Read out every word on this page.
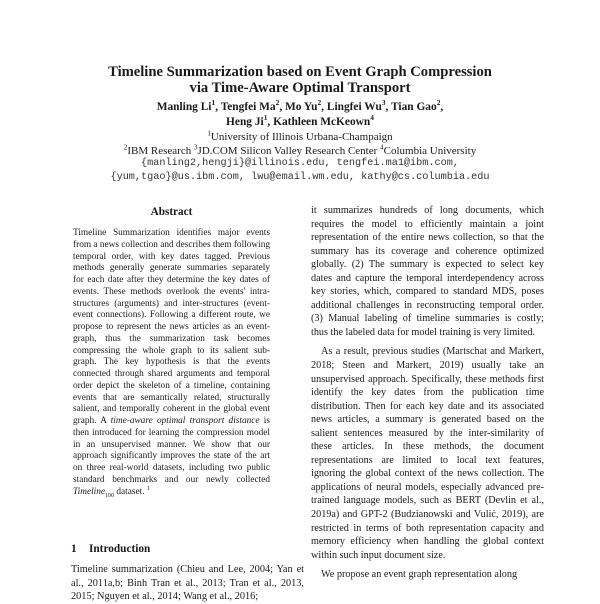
Timeline Summarization based on Event Graph Compression
via Time-Aware Optimal Transport
Manling Li$^1$, Tengfei Ma$^2$, Mo Yu$^2$, Lingfei Wu$^3$, Tian Gao$^2$,
Heng Ji$^1$, Kathleen McKeown$^4$
$^1$University of Illinois Urbana-Champaign
$^2$IBM Research $^3$JD.COM Silicon Valley Research Center $^4$Columbia University
{manling2,hengji}@illinois.edu, tengfei.ma1@ibm.com,
{yum,tgao}@us.ibm.com, lwu@email.wm.edu, kathy@cs.columbia.edu
Abstract
Timeline Summarization identifies major events from a news collection and describes them following temporal order, with key dates tagged. Previous methods generally generate summaries separately for each date after they determine the key dates of events. These methods overlook the events' intra-structures (arguments) and inter-structures (event-event connections). Following a different route, we propose to represent the news articles as an event-graph, thus the summarization task becomes compressing the whole graph to its salient sub-graph. The key hypothesis is that the events connected through shared arguments and temporal order depict the skeleton of a timeline, containing events that are semantically related, structurally salient, and temporally coherent in the global event graph. A time-aware optimal transport distance is then introduced for learning the compression model in an unsupervised manner. We show that our approach significantly improves the state of the art on three real-world datasets, including two public standard benchmarks and our newly collected Timeline$_{100}$ dataset. $^1$
1 Introduction
Timeline summarization (Chieu and Lee, 2004; Yan et al., 2011a,b; Binh Tran et al., 2013; Tran et al., 2013, 2015; Nguyen et al., 2014; Wang et al., 2016;

it summarizes hundreds of long documents, which requires the model to efficiently maintain a joint representation of the entire news collection, so that the summary has its coverage and coherence optimized globally. (2) The summary is expected to select key dates and capture the temporal interdependency across key stories, which, compared to standard MDS, poses additional challenges in reconstructing temporal order. (3) Manual labeling of timeline summaries is costly; thus the labeled data for model training is very limited.

As a result, previous studies (Martschat and Markert, 2018; Steen and Markert, 2019) usually take an unsupervised approach. Specifically, these methods first identify the key dates from the publication time distribution. Then for each key date and its associated news articles, a summary is generated based on the salient sentences measured by the inter-similarity of these articles. In these methods, the document representations are limited to local text features, ignoring the global context of the news collection. The applications of neural models, especially advanced pre-trained language models, such as BERT (Devlin et al., 2019a) and GPT-2 (Budzianowski and Vulić, 2019), are restricted in terms of both representation capacity and memory efficiency when handling the global context within such input document size.

We propose an event graph representation along
